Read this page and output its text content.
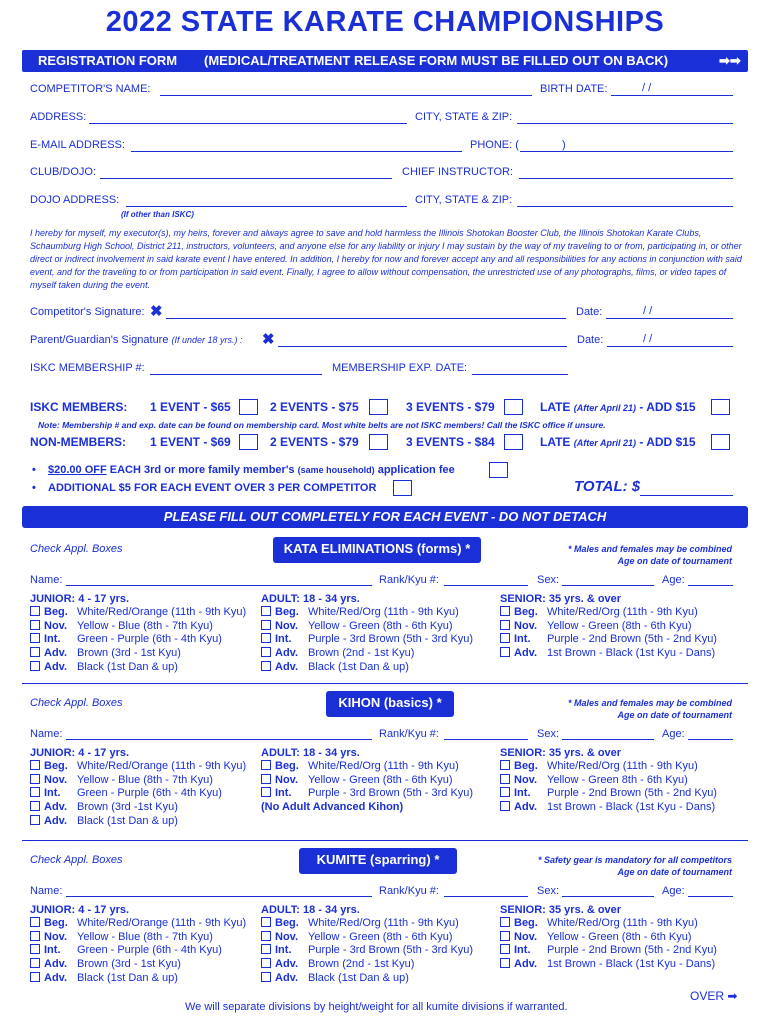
2022 STATE KARATE CHAMPIONSHIPS
REGISTRATION FORM (MEDICAL/TREATMENT RELEASE FORM MUST BE FILLED OUT ON BACK)	➡➡
COMPETITOR'S NAME:	BIRTH DATE:	/ /
ADDRESS:	CITY, STATE & ZIP:
E-MAIL ADDRESS:	PHONE: (	)
CLUB/DOJO:	CHIEF INSTRUCTOR:
DOJO ADDRESS:	CITY, STATE & ZIP:
(If other than ISKC)
I hereby for myself, my executor(s), my heirs, forever and always agree to save and hold harmless the Illinois Shotokan Booster Club, the Illinois Shotokan Karate Clubs, Schaumburg High School, District 211, instructors, volunteers, and anyone else for any liability or injury I may sustain by the way of my traveling to or from, participating in, or other direct or indirect involvement in said karate event I have entered. In addition, I hereby for now and forever accept any and all responsibilities for any actions in conjunction with said event, and for the traveling to or from participation in said event. Finally, I agree to allow without compensation, the unrestricted use of any photographs, films, or video tapes of myself taken during the event.
Competitor's Signature: ✖	Date:	/ /
Parent/Guardian's Signature (If under 18 yrs.) : ✖	Date:	/ /
ISKC MEMBERSHIP #:	MEMBERSHIP EXP. DATE:
ISKC MEMBERS: 1 EVENT - $65	2 EVENTS - $75	3 EVENTS - $79	LATE (After April 21) - ADD $15
Note: Membership # and exp. date can be found on membership card. Most white belts are not ISKC members! Call the ISKC office if unsure.
NON-MEMBERS: 1 EVENT - $69	2 EVENTS - $79	3 EVENTS - $84	LATE (After April 21) - ADD $15
• $20.00 OFF EACH 3rd or more family member's (same household) application fee
• ADDITIONAL $5 FOR EACH EVENT OVER 3 PER COMPETITOR	TOTAL: $
PLEASE FILL OUT COMPLETELY FOR EACH EVENT - DO NOT DETACH
Check Appl. Boxes	KATA ELIMINATIONS (forms) *	* Males and females may be combined
Age on date of tournament
Name:	Rank/Kyu #:	Sex:	Age:
JUNIOR: 4 - 17 yrs.
Beg. White/Red/Orange (11th - 9th Kyu)
Nov. Yellow - Blue (8th - 7th Kyu)
Int. Green - Purple (6th - 4th Kyu)
Adv. Brown (3rd - 1st Kyu)
Adv. Black (1st Dan & up)
ADULT: 18 - 34 yrs.
Beg. White/Red/Org (11th - 9th Kyu)
Nov. Yellow - Green (8th - 6th Kyu)
Int. Purple - 3rd Brown (5th - 3rd Kyu)
Adv. Brown (2nd - 1st Kyu)
Adv. Black (1st Dan & up)
SENIOR: 35 yrs. & over
Beg. White/Red/Org (11th - 9th Kyu)
Nov. Yellow - Green (8th - 6th Kyu)
Int. Purple - 2nd Brown (5th - 2nd Kyu)
Adv. 1st Brown - Black (1st Kyu - Dans)
Check Appl. Boxes	KIHON (basics) *	* Males and females may be combined
Age on date of tournament
Name:	Rank/Kyu #:	Sex:	Age:
JUNIOR: 4 - 17 yrs.
Beg. White/Red/Orange (11th - 9th Kyu)
Nov. Yellow - Blue (8th - 7th Kyu)
Int. Green - Purple (6th - 4th Kyu)
Adv. Brown (3rd -1st Kyu)
Adv. Black (1st Dan & up)
ADULT: 18 - 34 yrs.
Beg. White/Red/Org (11th - 9th Kyu)
Nov. Yellow - Green (8th - 6th Kyu)
Int. Purple - 3rd Brown (5th - 3rd Kyu)
(No Adult Advanced Kihon)
SENIOR: 35 yrs. & over
Beg. White/Red/Org (11th - 9th Kyu)
Nov. Yellow - Green 8th - 6th Kyu)
Int. Purple - 2nd Brown (5th - 2nd Kyu)
Adv. 1st Brown - Black (1st Kyu - Dans)
Check Appl. Boxes	KUMITE (sparring) *	* Safety gear is mandatory for all competitors
Age on date of tournament
Name:	Rank/Kyu #:	Sex:	Age:
JUNIOR: 4 - 17 yrs.
Beg. White/Red/Orange (11th - 9th Kyu)
Nov. Yellow - Blue (8th - 7th Kyu)
Int. Green - Purple (6th - 4th Kyu)
Adv. Brown (3rd - 1st Kyu)
Adv. Black (1st Dan & up)
ADULT: 18 - 34 yrs.
Beg. White/Red/Org (11th - 9th Kyu)
Nov. Yellow - Green (8th - 6th Kyu)
Int. Purple - 3rd Brown (5th - 3rd Kyu)
Adv. Brown (2nd - 1st Kyu)
Adv. Black (1st Dan & up)
SENIOR: 35 yrs. & over
Beg. White/Red/Org (11th - 9th Kyu)
Nov. Yellow - Green (8th - 6th Kyu)
Int. Purple - 2nd Brown (5th - 2nd Kyu)
Adv. 1st Brown - Black (1st Kyu - Dans)
We will separate divisions by height/weight for all kumite divisions if warranted.
OVER ➡
